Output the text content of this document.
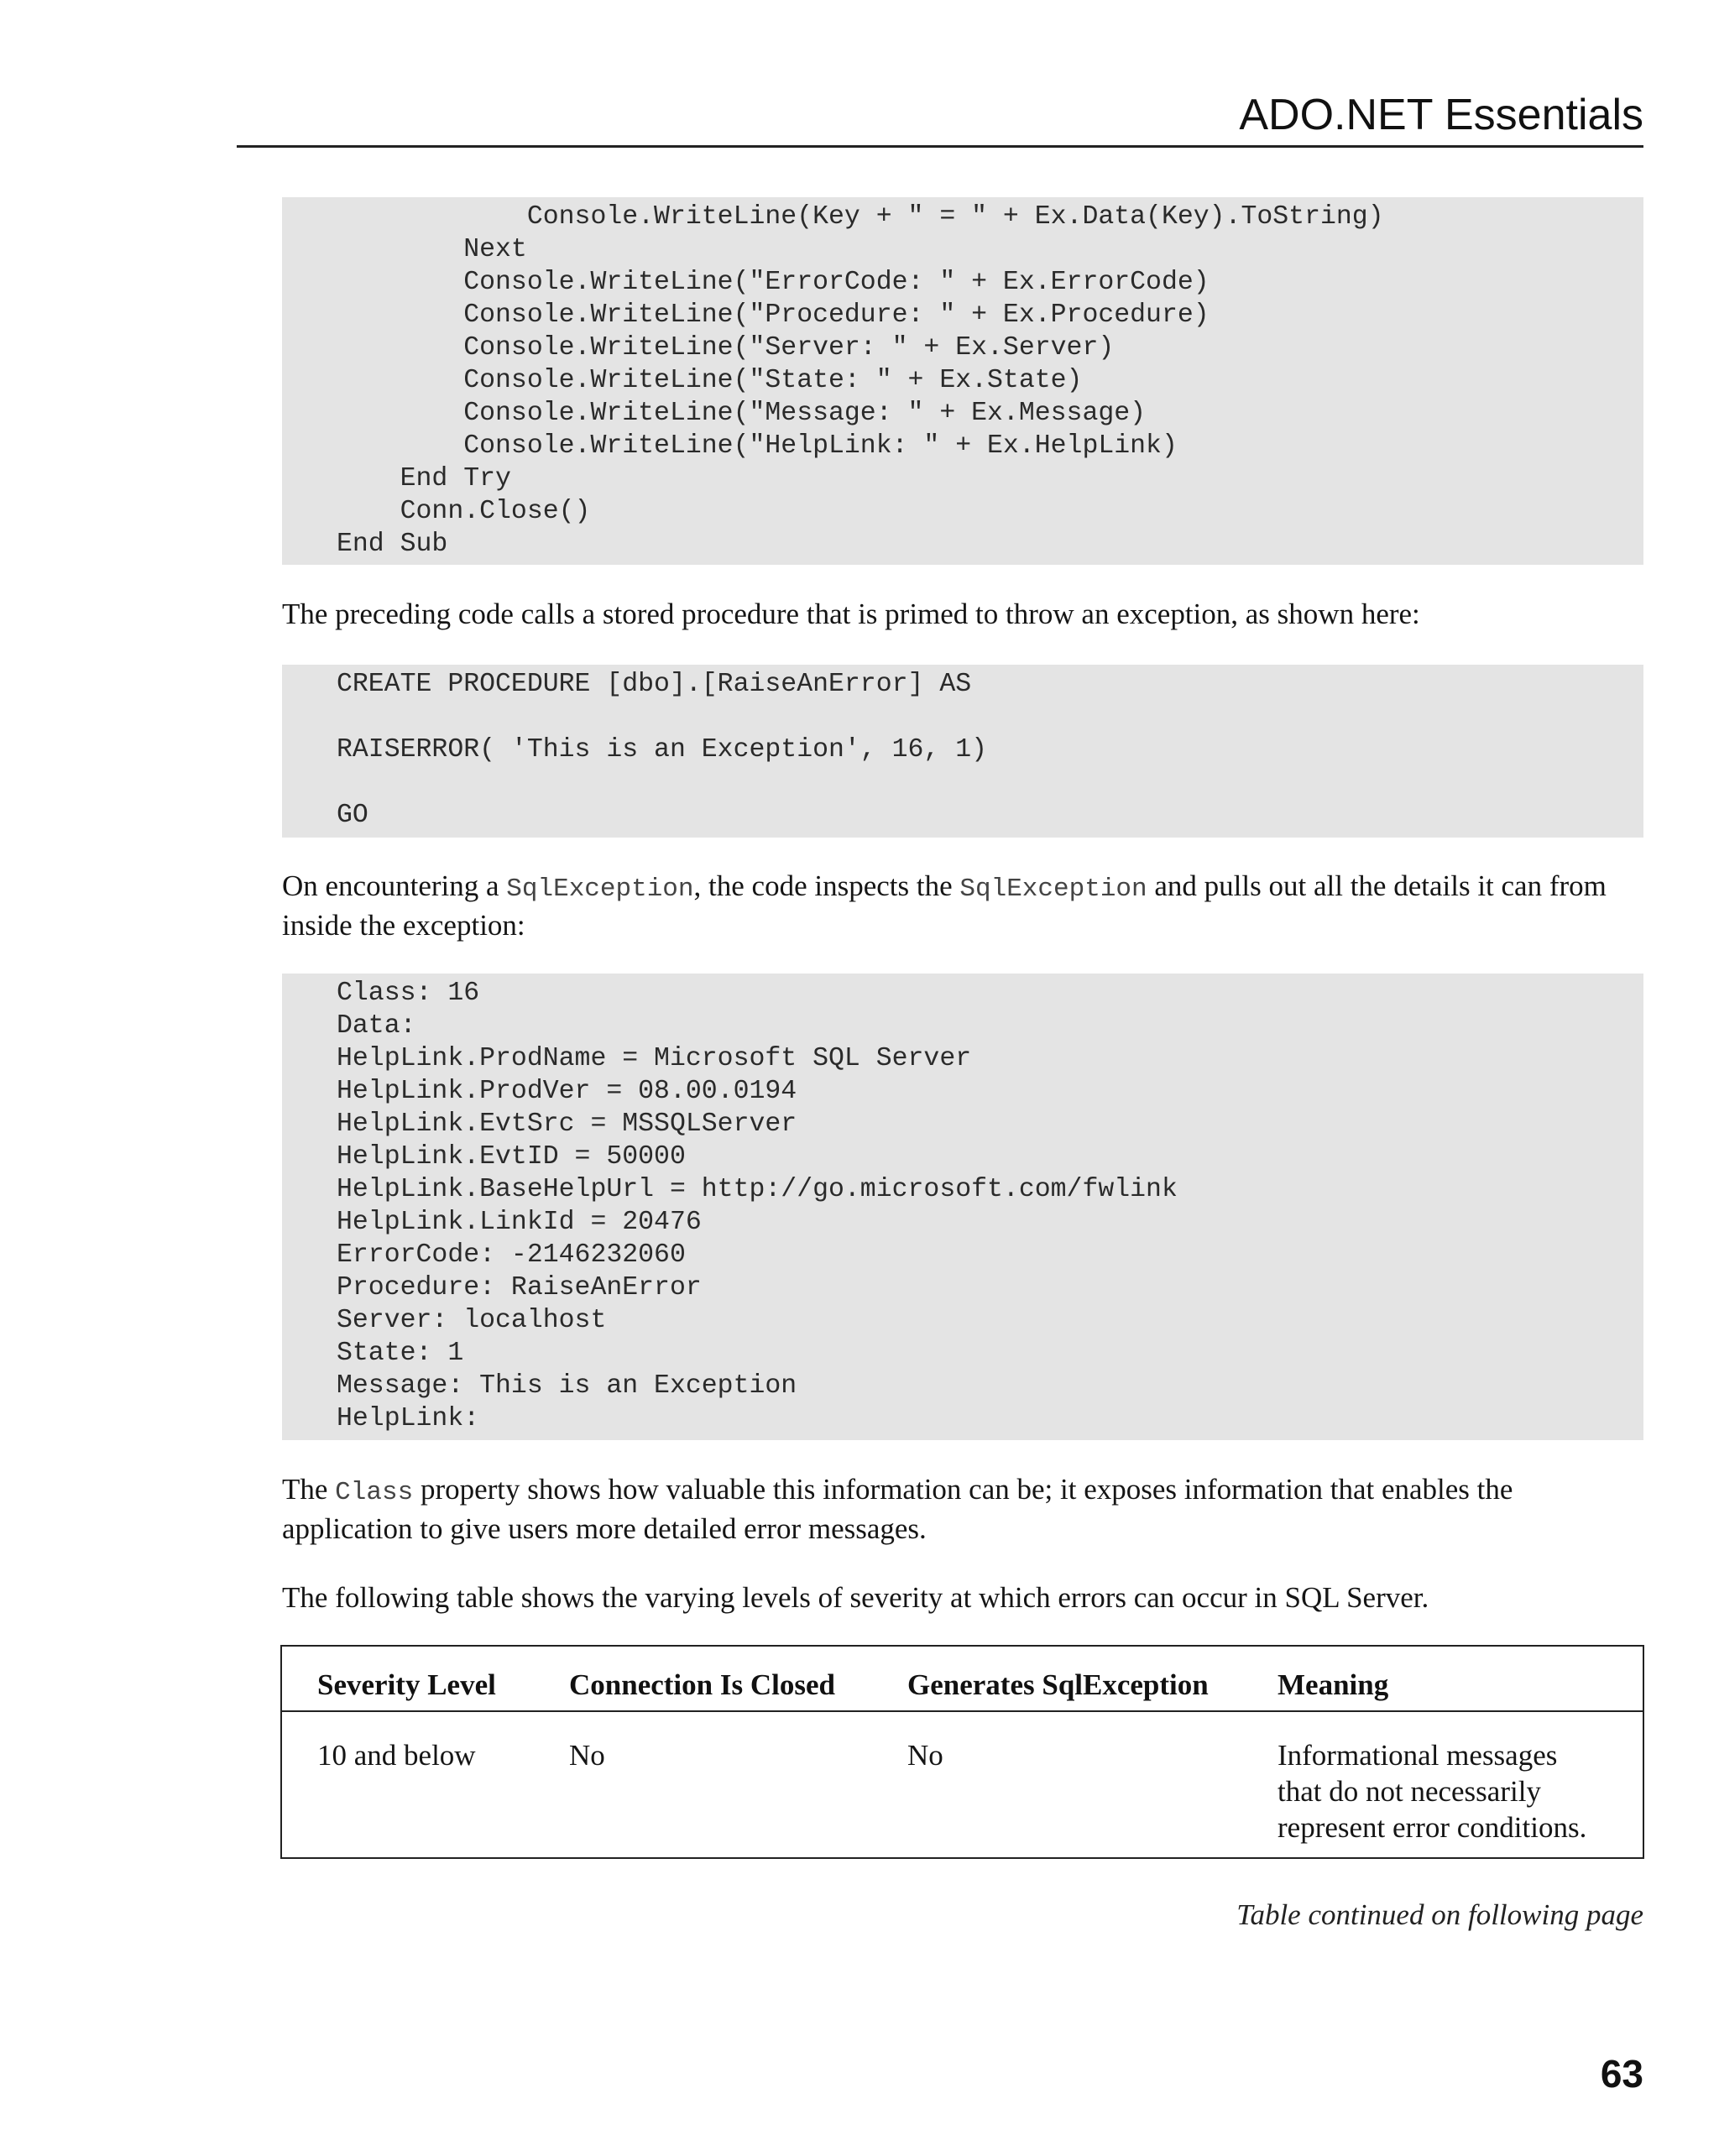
ADO.NET Essentials
Console.WriteLine(Key + " = " + Ex.Data(Key).ToString)
Next
Console.WriteLine("ErrorCode: " + Ex.ErrorCode)
Console.WriteLine("Procedure: " + Ex.Procedure)
Console.WriteLine("Server: " + Ex.Server)
Console.WriteLine("State: " + Ex.State)
Console.WriteLine("Message: " + Ex.Message)
Console.WriteLine("HelpLink: " + Ex.HelpLink)
End Try
Conn.Close()
End Sub
The preceding code calls a stored procedure that is primed to throw an exception, as shown here:
CREATE PROCEDURE [dbo].[RaiseAnError] AS
RAISERROR( 'This is an Exception', 16, 1)
GO
On encountering a SqlException, the code inspects the SqlException and pulls out all the details it can from inside the exception:
Class: 16
Data:
HelpLink.ProdName = Microsoft SQL Server
HelpLink.ProdVer = 08.00.0194
HelpLink.EvtSrc = MSSQLServer
HelpLink.EvtID = 50000
HelpLink.BaseHelpUrl = http://go.microsoft.com/fwlink
HelpLink.LinkId = 20476
ErrorCode: -2146232060
Procedure: RaiseAnError
Server: localhost
State: 1
Message: This is an Exception
HelpLink:
The Class property shows how valuable this information can be; it exposes information that enables the application to give users more detailed error messages.
The following table shows the varying levels of severity at which errors can occur in SQL Server.
Severity Level	Connection Is Closed	Generates SqlException	Meaning
10 and below	No	No	Informational messages that do not necessarily represent error conditions.
Table continued on following page
63
